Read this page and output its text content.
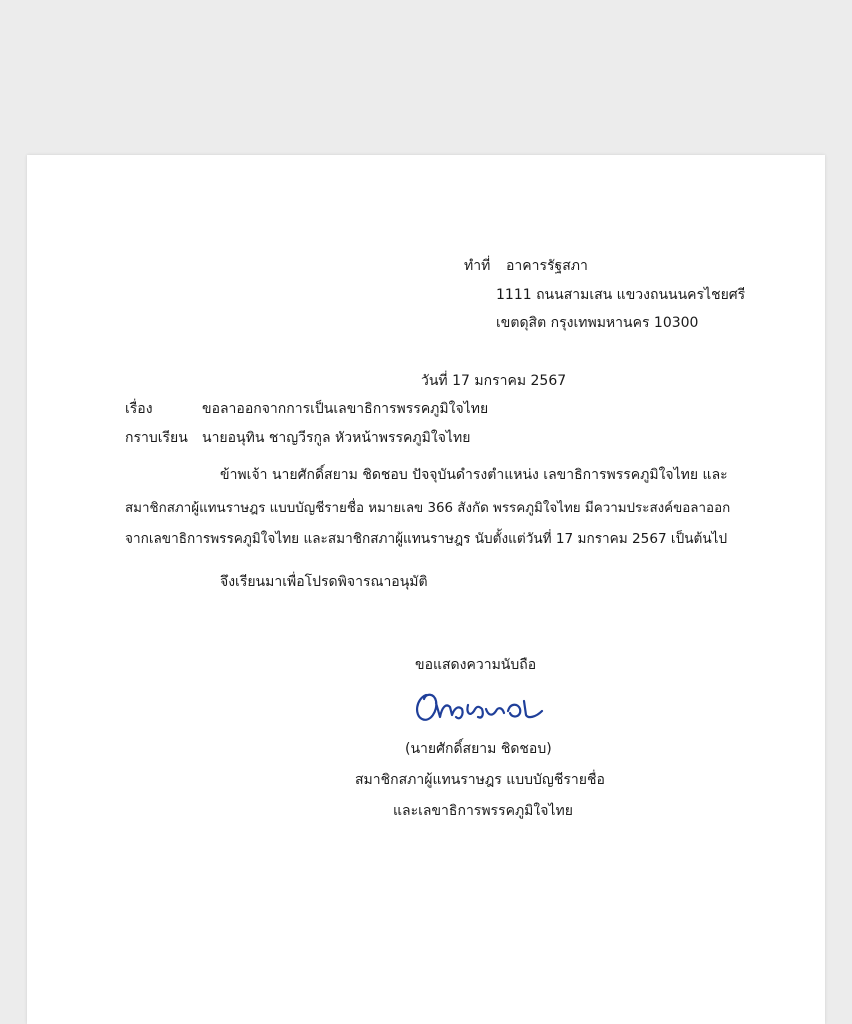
ทำที่ อาคารรัฐสภา
1111 ถนนสามเสน แขวงถนนนครไชยศรี
เขตดุสิต กรุงเทพมหานคร 10300
วันที่ 17 มกราคม 2567
เรื่อง	ขอลาออกจากการเป็นเลขาธิการพรรคภูมิใจไทย
กราบเรียน นายอนุทิน ชาญวีรกูล หัวหน้าพรรคภูมิใจไทย
ข้าพเจ้า นายศักดิ์สยาม ชิดชอบ ปัจจุบันดำรงตำแหน่ง เลขาธิการพรรคภูมิใจไทย และ
สมาชิกสภาผู้แทนราษฎร แบบบัญชีรายชื่อ หมายเลข 366 สังกัด พรรคภูมิใจไทย มีความประสงค์ขอลาออก
จากเลขาธิการพรรคภูมิใจไทย และสมาชิกสภาผู้แทนราษฎร นับตั้งแต่วันที่ 17 มกราคม 2567 เป็นต้นไป
จึงเรียนมาเพื่อโปรดพิจารณาอนุมัติ
ขอแสดงความนับถือ
(นายศักดิ์สยาม ชิดชอบ)
สมาชิกสภาผู้แทนราษฎร แบบบัญชีรายชื่อ
และเลขาธิการพรรคภูมิใจไทย
